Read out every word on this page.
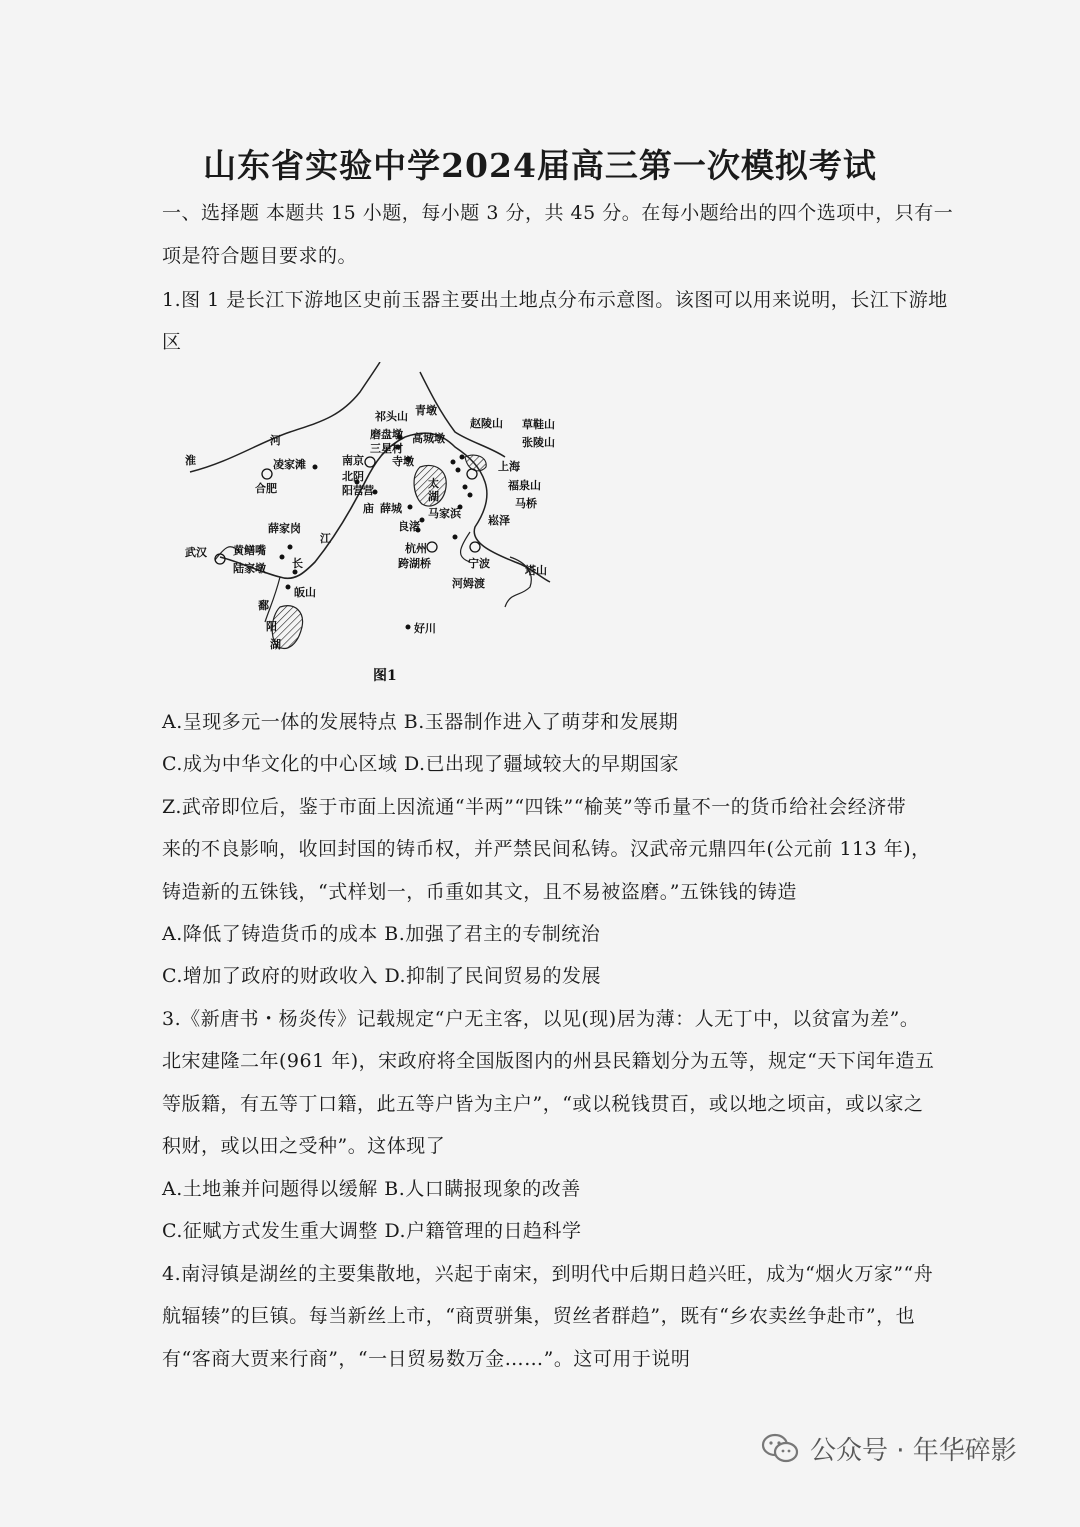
山东省实验中学2024届高三第一次模拟考试
一、选择题 本题共 15 小题，每小题 3 分，共 45 分。在每小题给出的四个选项中，只有一
项是符合题目要求的。
1.图 1 是长江下游地区史前玉器主要出土地点分布示意图。该图可以用来说明，长江下游地
区
淮
河
江
长
凌家滩
合肥
武汉
薛家岗
黄鳝嘴
陆家墩
皈山
鄱
阳
湖
祁头山 青墩
赵陵山 草鞋山
磨盘墩 高城墩
三星村	张陵山
南京	寺墩
北阴
阳营
太
湖
上海
福泉山
马桥
崧泽
营
庙 薛城
良渚
马家浜
杭州
跨湖桥	宁波
河姆渡
塔山
好川
图1
A.呈现多元一体的发展特点 B.玉器制作进入了萌芽和发展期
C.成为中华文化的中心区域 D.已出现了疆域较大的早期国家
Z.武帝即位后，鉴于市面上因流通“半两”“四铢”“榆荚”等币量不一的货币给社会经济带
来的不良影响，收回封国的铸币权，并严禁民间私铸。汉武帝元鼎四年(公元前 113 年)，
铸造新的五铢钱，“式样划一，币重如其文，且不易被盗磨。”五铢钱的铸造
A.降低了铸造货币的成本 B.加强了君主的专制统治
C.增加了政府的财政收入 D.抑制了民间贸易的发展
3.《新唐书・杨炎传》记载规定“户无主客，以见(现)居为薄：人无丁中，以贫富为差”。
北宋建隆二年(961 年)，宋政府将全国版图内的州县民籍划分为五等，规定“天下闰年造五
等版籍，有五等丁口籍，此五等户皆为主户”，“或以税钱贯百，或以地之顷亩，或以家之
积财，或以田之受种”。这体现了
A.土地兼并问题得以缓解 B.人口瞒报现象的改善
C.征赋方式发生重大调整 D.户籍管理的日趋科学
4.南浔镇是湖丝的主要集散地，兴起于南宋，到明代中后期日趋兴旺，成为“烟火万家”“舟
航辐辏”的巨镇。每当新丝上市，“商贾骈集，贸丝者群趋”，既有“乡农卖丝争赴市”，也
有“客商大贾来行商”，“一日贸易数万金……”。这可用于说明
公众号 · 年华碎影
